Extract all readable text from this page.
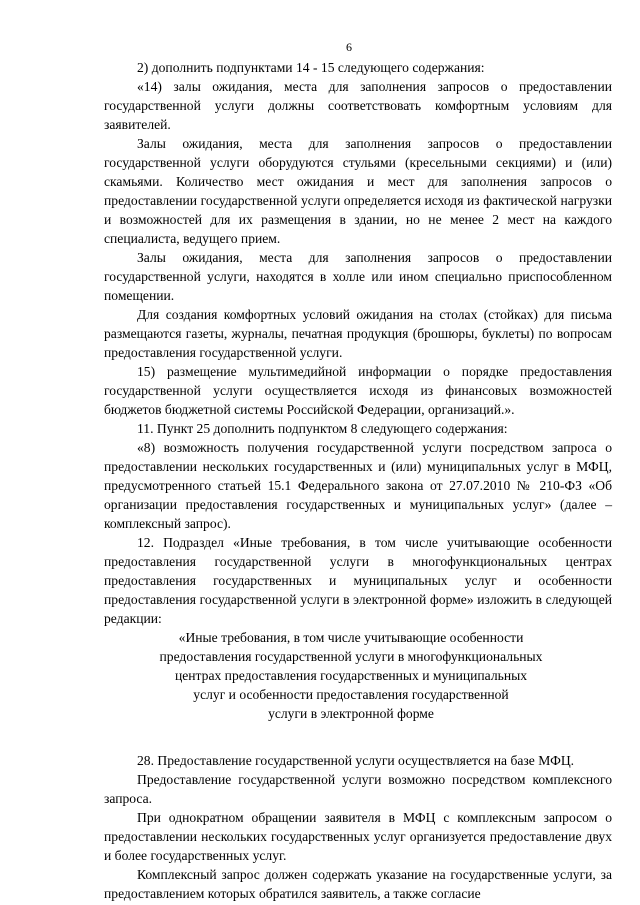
6

2) дополнить подпунктами 14 - 15 следующего содержания:

«14) залы ожидания, места для заполнения запросов о предоставлении государственной услуги должны соответствовать комфортным условиям для заявителей.

Залы ожидания, места для заполнения запросов о предоставлении государственной услуги оборудуются стульями (кресельными секциями) и (или) скамьями. Количество мест ожидания и мест для заполнения запросов о предоставлении государственной услуги определяется исходя из фактической нагрузки и возможностей для их размещения в здании, но не менее 2 мест на каждого специалиста, ведущего прием.

Залы ожидания, места для заполнения запросов о предоставлении государственной услуги, находятся в холле или ином специально приспособленном помещении.

Для создания комфортных условий ожидания на столах (стойках) для письма размещаются газеты, журналы, печатная продукция (брошюры, буклеты) по вопросам предоставления государственной услуги.

15) размещение мультимедийной информации о порядке предоставления государственной услуги осуществляется исходя из финансовых возможностей бюджетов бюджетной системы Российской Федерации, организаций.».

11. Пункт 25 дополнить подпунктом 8 следующего содержания:

«8) возможность получения государственной услуги посредством запроса о предоставлении нескольких государственных и (или) муниципальных услуг в МФЦ, предусмотренного статьей 15.1 Федерального закона от 27.07.2010 № 210-ФЗ «Об организации предоставления государственных и муниципальных услуг» (далее – комплексный запрос).

12. Подраздел «Иные требования, в том числе учитывающие особенности предоставления государственной услуги в многофункциональных центрах предоставления государственных и муниципальных услуг и особенности предоставления государственной услуги в электронной форме» изложить в следующей редакции:

«Иные требования, в том числе учитывающие особенности
предоставления государственной услуги в многофункциональных
центрах предоставления государственных и муниципальных
услуг и особенности предоставления государственной
услуги в электронной форме

28. Предоставление государственной услуги осуществляется на базе МФЦ.

Предоставление государственной услуги возможно посредством комплексного запроса.

При однократном обращении заявителя в МФЦ с комплексным запросом о предоставлении нескольких государственных услуг организуется предоставление двух и более государственных услуг.

Комплексный запрос должен содержать указание на государственные услуги, за предоставлением которых обратился заявитель, а также согласие
